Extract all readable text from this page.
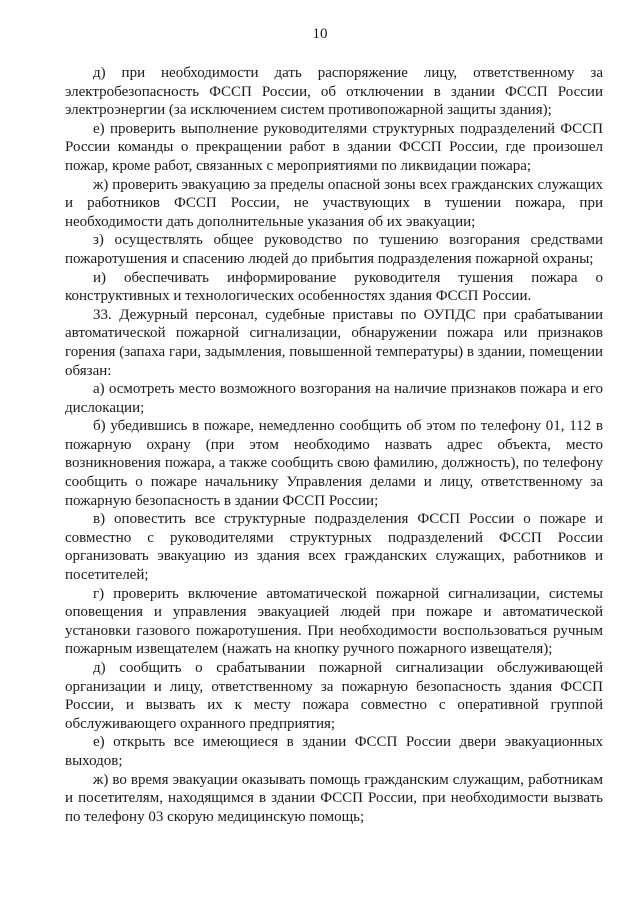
10

д) при необходимости дать распоряжение лицу, ответственному за электробезопасность ФССП России, об отключении в здании ФССП России электроэнергии (за исключением систем противопожарной защиты здания);

е) проверить выполнение руководителями структурных подразделений ФССП России команды о прекращении работ в здании ФССП России, где произошел пожар, кроме работ, связанных с мероприятиями по ликвидации пожара;

ж) проверить эвакуацию за пределы опасной зоны всех гражданских служащих и работников ФССП России, не участвующих в тушении пожара, при необходимости дать дополнительные указания об их эвакуации;

з) осуществлять общее руководство по тушению возгорания средствами пожаротушения и спасению людей до прибытия подразделения пожарной охраны;

и) обеспечивать информирование руководителя тушения пожара о конструктивных и технологических особенностях здания ФССП России.

33. Дежурный персонал, судебные приставы по ОУПДС при срабатывании автоматической пожарной сигнализации, обнаружении пожара или признаков горения (запаха гари, задымления, повышенной температуры) в здании, помещении обязан:

а) осмотреть место возможного возгорания на наличие признаков пожара и его дислокации;

б) убедившись в пожаре, немедленно сообщить об этом по телефону 01, 112 в пожарную охрану (при этом необходимо назвать адрес объекта, место возникновения пожара, а также сообщить свою фамилию, должность), по телефону сообщить о пожаре начальнику Управления делами и лицу, ответственному за пожарную безопасность в здании ФССП России;

в) оповестить все структурные подразделения ФССП России о пожаре и совместно с руководителями структурных подразделений ФССП России организовать эвакуацию из здания всех гражданских служащих, работников и посетителей;

г) проверить включение автоматической пожарной сигнализации, системы оповещения и управления эвакуацией людей при пожаре и автоматической установки газового пожаротушения. При необходимости воспользоваться ручным пожарным извещателем (нажать на кнопку ручного пожарного извещателя);

д) сообщить о срабатывании пожарной сигнализации обслуживающей организации и лицу, ответственному за пожарную безопасность здания ФССП России, и вызвать их к месту пожара совместно с оперативной группой обслуживающего охранного предприятия;

е) открыть все имеющиеся в здании ФССП России двери эвакуационных выходов;

ж) во время эвакуации оказывать помощь гражданским служащим, работникам и посетителям, находящимся в здании ФССП России, при необходимости вызвать по телефону 03 скорую медицинскую помощь;
